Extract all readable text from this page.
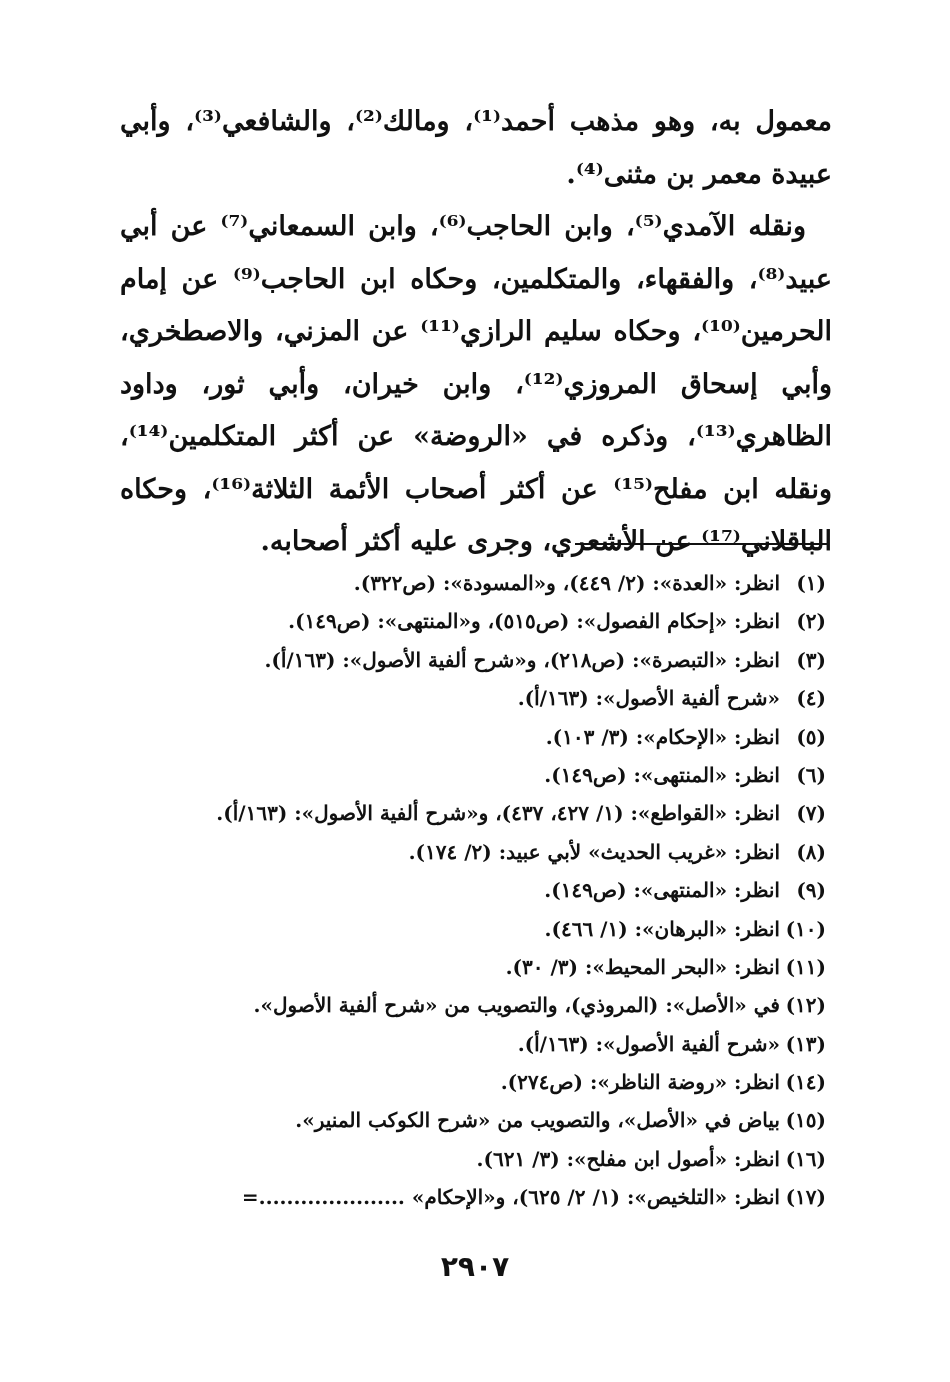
معمول به، وهو مذهب أحمد⁽¹⁾، ومالك⁽²⁾، والشافعي⁽³⁾، وأبي عبيدة معمر بن مثنى⁽⁴⁾.

ونقله الآمدي⁽⁵⁾، وابن الحاجب⁽⁶⁾، وابن السمعاني⁽⁷⁾ عن أبي عبيد⁽⁸⁾، والفقهاء، والمتكلمين، وحكاه ابن الحاجب⁽⁹⁾ عن إمام الحرمين⁽¹⁰⁾، وحكاه سليم الرازي⁽¹¹⁾ عن المزني، والاصطخري، وأبي إسحاق المروزي⁽¹²⁾، وابن خيران، وأبي ثور، وداود الظاهري⁽¹³⁾، وذكره في «الروضة» عن أكثر المتكلمين⁽¹⁴⁾، ونقله ابن مفلح⁽¹⁵⁾ عن أكثر أصحاب الأئمة الثلاثة⁽¹⁶⁾، وحكاه الباقلاني⁽¹⁷⁾ عن الأشعري، وجرى عليه أكثر أصحابه.

(١)انظر: «العدة»: (٢/ ٤٤٩)، و«المسودة»: (ص٣٢٢).
(٢)انظر: «إحكام الفصول»: (ص٥١٥)، و«المنتهى»: (ص١٤٩).
(٣)انظر: «التبصرة»: (ص٢١٨)، و«شرح ألفية الأصول»: (١٦٣/أ).
(٤)«شرح ألفية الأصول»: (١٦٣/أ).
(٥)انظر: «الإحكام»: (٣/ ١٠٣).
(٦)انظر: «المنتهى»: (ص١٤٩).
(٧)انظر: «القواطع»: (١/ ٤٢٧، ٤٣٧)، و«شرح ألفية الأصول»: (١٦٣/أ).
(٨)انظر: «غريب الحديث» لأبي عبيد: (٢/ ١٧٤).
(٩)انظر: «المنتهى»: (ص١٤٩).
(١٠)انظر: «البرهان»: (١/ ٤٦٦).
(١١)انظر: «البحر المحيط»: (٣/ ٣٠).
(١٢)في «الأصل»: (المروذي)، والتصويب من «شرح ألفية الأصول».
(١٣)«شرح ألفية الأصول»: (١٦٣/أ).
(١٤)انظر: «روضة الناظر»: (ص٢٧٤).
(١٥)بياض في «الأصل»، والتصويب من «شرح الكوكب المنير».
(١٦)انظر: «أصول ابن مفلح»: (٣/ ٦٢١).
(١٧)انظر: «التلخيص»: (١/ ٢/ ٦٢٥)، و«الإحكام» .....................=
٢٩٠٧
